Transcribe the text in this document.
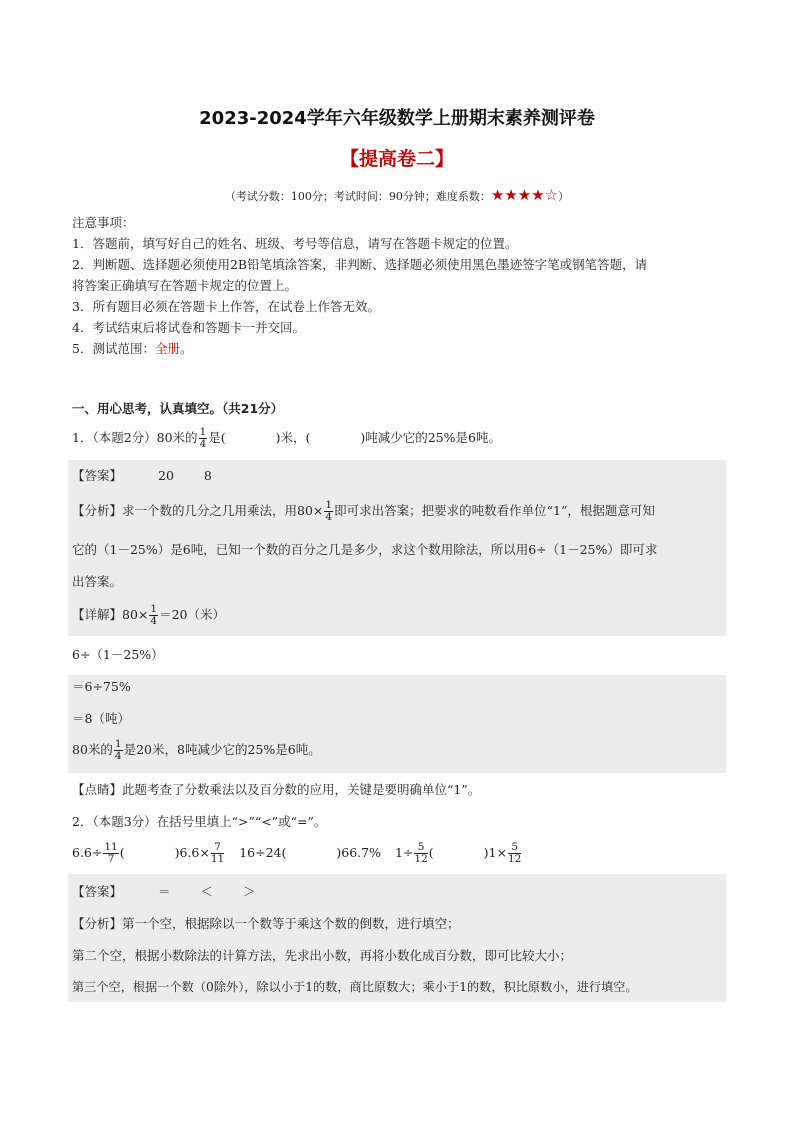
2023-2024学年六年级数学上册期末素养测评卷
【提高卷二】
（考试分数：100分；考试时间：90分钟；难度系数：★★★★☆）
注意事项：
1．答题前，填写好自己的姓名、班级、考号等信息，请写在答题卡规定的位置。
2．判断题、选择题必须使用2B铅笔填涂答案，非判断、选择题必须使用黑色墨迹签字笔或钢笔答题，请
将答案正确填写在答题卡规定的位置上。
3．所有题目必须在答题卡上作答，在试卷上作答无效。
4．考试结束后将试卷和答题卡一并交回。
5．测试范围：全册。
一、用心思考，认真填空。（共21分）
1．（本题2分）80米的 $\frac{1}{4}$ 是(　　　　)米，(　　　　)吨减少它的25%是6吨。
【答案】	20 8
【分析】求一个数的几分之几用乘法，用$80\times \frac{1}{4}$ 即可求出答案；把要求的吨数看作单位“1”，根据题意可知
它的（1－25%）是6吨，已知一个数的百分之几是多少，求这个数用除法，所以用6÷（1－25%）即可求
出答案。
【详解】$80\times \frac{1}{4} =20$（米）
6÷（1－25%）
＝6÷75%
＝8（吨）
80米的 $\frac{1}{4}$ 是20米，8吨减少它的25%是6吨。
【点睛】此题考查了分数乘法以及百分数的应用，关键是要明确单位“1”。
2．（本题3分）在括号里填上“>”“<”或“=”。
$6.6\div \frac{11}{7}$ (　　　　)$6.6\times \frac{7}{11} 16\div 24$(　　　　)66.7% $1\div \frac{5}{12}$ (　　　　)$1\times \frac{5}{12}$
【答案】	＝ ＜ ＞
【分析】第一个空，根据除以一个数等于乘这个数的倒数，进行填空；
第二个空，根据小数除法的计算方法，先求出小数，再将小数化成百分数，即可比较大小；
第三个空，根据一个数（0除外），除以小于1的数，商比原数大；乘小于1的数，积比原数小，进行填空。
